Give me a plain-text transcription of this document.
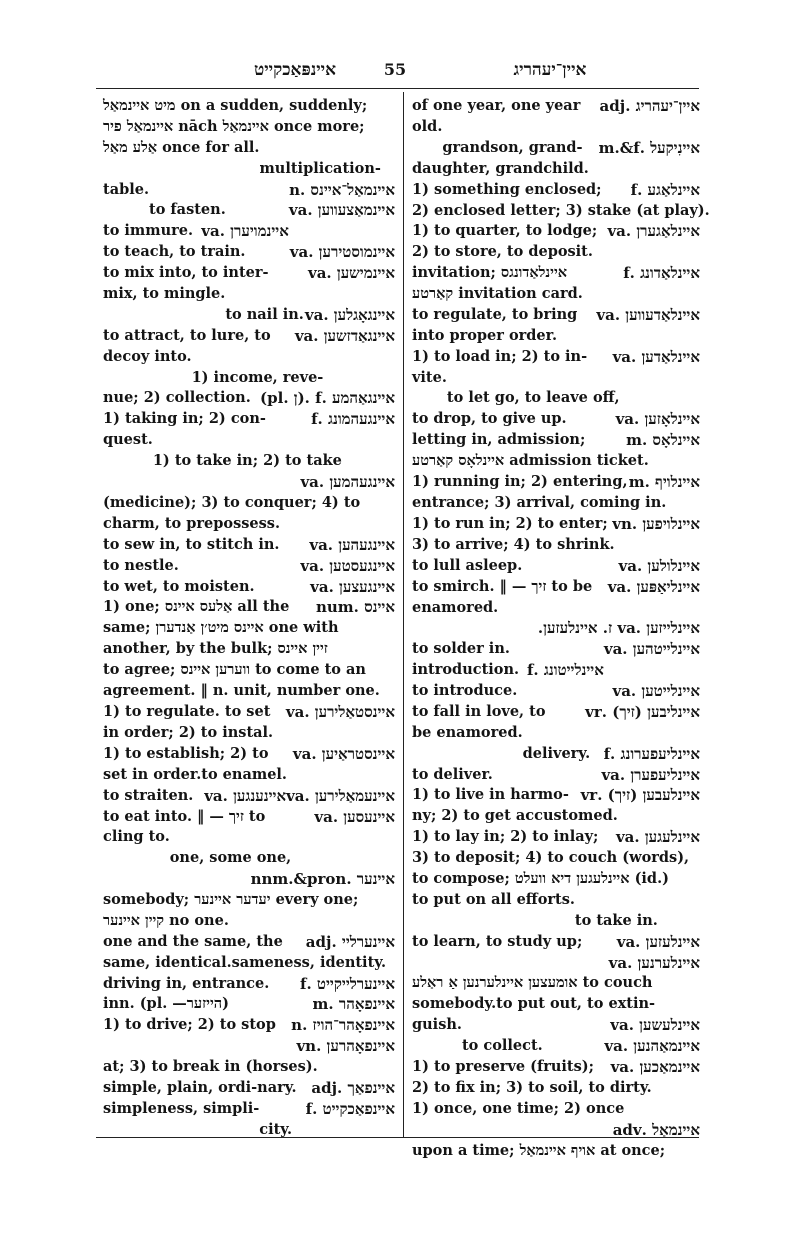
איינפּאַכקייט	55	איין־יעהריג
מיט איינמאַל on a sudden, suddenly;
איינמאַל פיר nāch איינמאַל once more;
אַלע מאַל once for all.
multiplication-
איינמאַל־איינס .n
table.
to fasten.	איינמאַצעווען .va
to immure. איינמויערן .va
to teach, to train.	איינמוסטירען .va
to mix into, to inter-	איינמישען .va
mix, to mingle.
to nail in. איינגאָגלען .va
to attract, to lure, to איינגאַדזשען .va
decoy into.
1) income, reve-
איינגאַהמע .f .(ן .pl)
nue; 2) collection.
1) taking in; 2) con-	איינגעהמונג .f
quest.
1) to take in; 2) to take
איינגעהמען .va
(medicine); 3) to conquer; 4) to
charm, to prepossess.
to sew in, to stitch in. איינגעהען .va
to nestle.	איינגעסטען .va
to wet, to moisten.	איינגעצען .va
1) one; אַלעס איינס all the איינס .num
same; איינס מיט׳ן אַנדערן one with
another, by the bulk; זיין איינס
to agree; ווערען איינס to come to an
agreement. ‖ n. unit, number one.
1) to regulate. to set איינסטאַלירען .va
in order; 2) to instal.
1) to establish; 2) to איינסטראַיען .va
set in order. to enamel.
איינעמאַלירען .va
to straiten. איינענגען .va
to eat into. ‖ — זיך to	איינעסען .va
cling to.
one, some one,
איינער .nnm.&pron
somebody; יעדער איינער every one;
קיין איינער no one.
one and the same, the איינערליי .adj
same, identical. sameness, identity.
איינערלייקייט .f
driving in, entrance.
איינפאָהר .m
inn. (pl. —הייזער)
איינפאָהר־הויז .n
1) to drive; 2) to stop
איינפאָהרען .vn
at; 3) to break in (horses).
simple, plain, ordi-	איינפאַך .adj
nary.
simpleness, simpli-	איינפאַכקייט .f
city.
of one year, one year איין־יעהריג .adj
old.
grandson, grand- איינִיקעל .m.&f
daughter, grandchild.
1) something enclosed; איינלאַגע .f
2) enclosed letter; 3) stake (at play).
1) to quarter, to lodge; איינלאַגערן .va
2) to store, to deposit.
invitation; איינלאַדונגס	איינלאַדונג .f
קאַרטע invitation card.
to regulate, to bring איינלאַדעווען .va
into proper order.
1) to load in; 2) to in- איינלאַדען .va
vite.
to let go, to leave off,
איינלאָזען .va
to drop, to give up.
letting in, admission;	איינלאָס .m
איינלאָס קאַרטע admission ticket.
1) running in; 2) entering, איינלויף .m
entrance; 3) arrival, coming in.
1) to run in; 2) to enter; איינלויפען .vn
3) to arrive; 4) to shrink.
to lull asleep.	איינלולען .va
to smirch. ‖ — זיך to be איינליאַפּען .va
enamored.
איינלייזען .va ז. איינלעזען.
to solder in.	איינלייטהען .va
introduction. איינלייטונג .f
to introduce.	איינלייטען .va
to fall in love, to	איינליבען (זיך) .vr
be enamored.
delivery. איינליעפערונג .f
to deliver.	איינליעפערן .va
1) to live in harmo- איינלעבען (זיך) .vr
ny; 2) to get accustomed.
1) to lay in; 2) to inlay; איינלעגען .va
3) to deposit; 4) to couch (words),
to compose; איינלעגען דיא וועלט (id.)
to put on all efforts.
to take in.
איינלעזען .va
to learn, to study up;
איינלערנען .va
אומעצען איינלערנען אַ ראַלע to couch
somebody. to put out, to extin-
איינלעשען .va
guish.
to collect.	איינמאַהנען .va
1) to preserve (fruits); איינמאַכען .va
2) to fix in; 3) to soil, to dirty.
1) once, one time; 2) once
איינמאַל .adv
upon a time; אויף איינמאַל at once;
